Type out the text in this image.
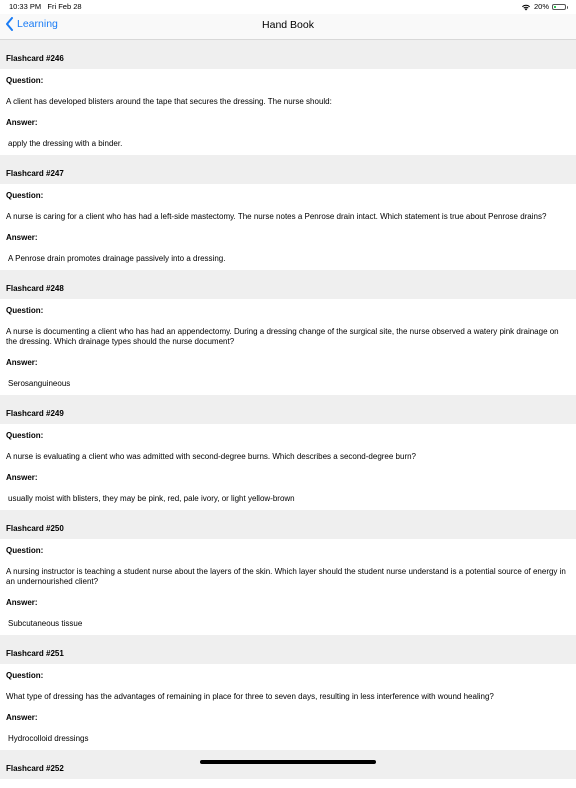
10:33 PM Fri Feb 28	20%
Learning	Hand Book
Flashcard #246
Question:
A client has developed blisters around the tape that secures the dressing. The nurse should:
Answer:
apply the dressing with a binder.
Flashcard #247
Question:
A nurse is caring for a client who has had a left-side mastectomy. The nurse notes a Penrose drain intact. Which statement is true about Penrose drains?
Answer:
A Penrose drain promotes drainage passively into a dressing.
Flashcard #248
Question:
A nurse is documenting a client who has had an appendectomy. During a dressing change of the surgical site, the nurse observed a watery pink drainage on the dressing. Which drainage types should the nurse document?
Answer:
Serosanguineous
Flashcard #249
Question:
A nurse is evaluating a client who was admitted with second-degree burns. Which describes a second-degree burn?
Answer:
usually moist with blisters, they may be pink, red, pale ivory, or light yellow-brown
Flashcard #250
Question:
A nursing instructor is teaching a student nurse about the layers of the skin. Which layer should the student nurse understand is a potential source of energy in an undernourished client?
Answer:
Subcutaneous tissue
Flashcard #251
Question:
What type of dressing has the advantages of remaining in place for three to seven days, resulting in less interference with wound healing?
Answer:
Hydrocolloid dressings
Flashcard #252
